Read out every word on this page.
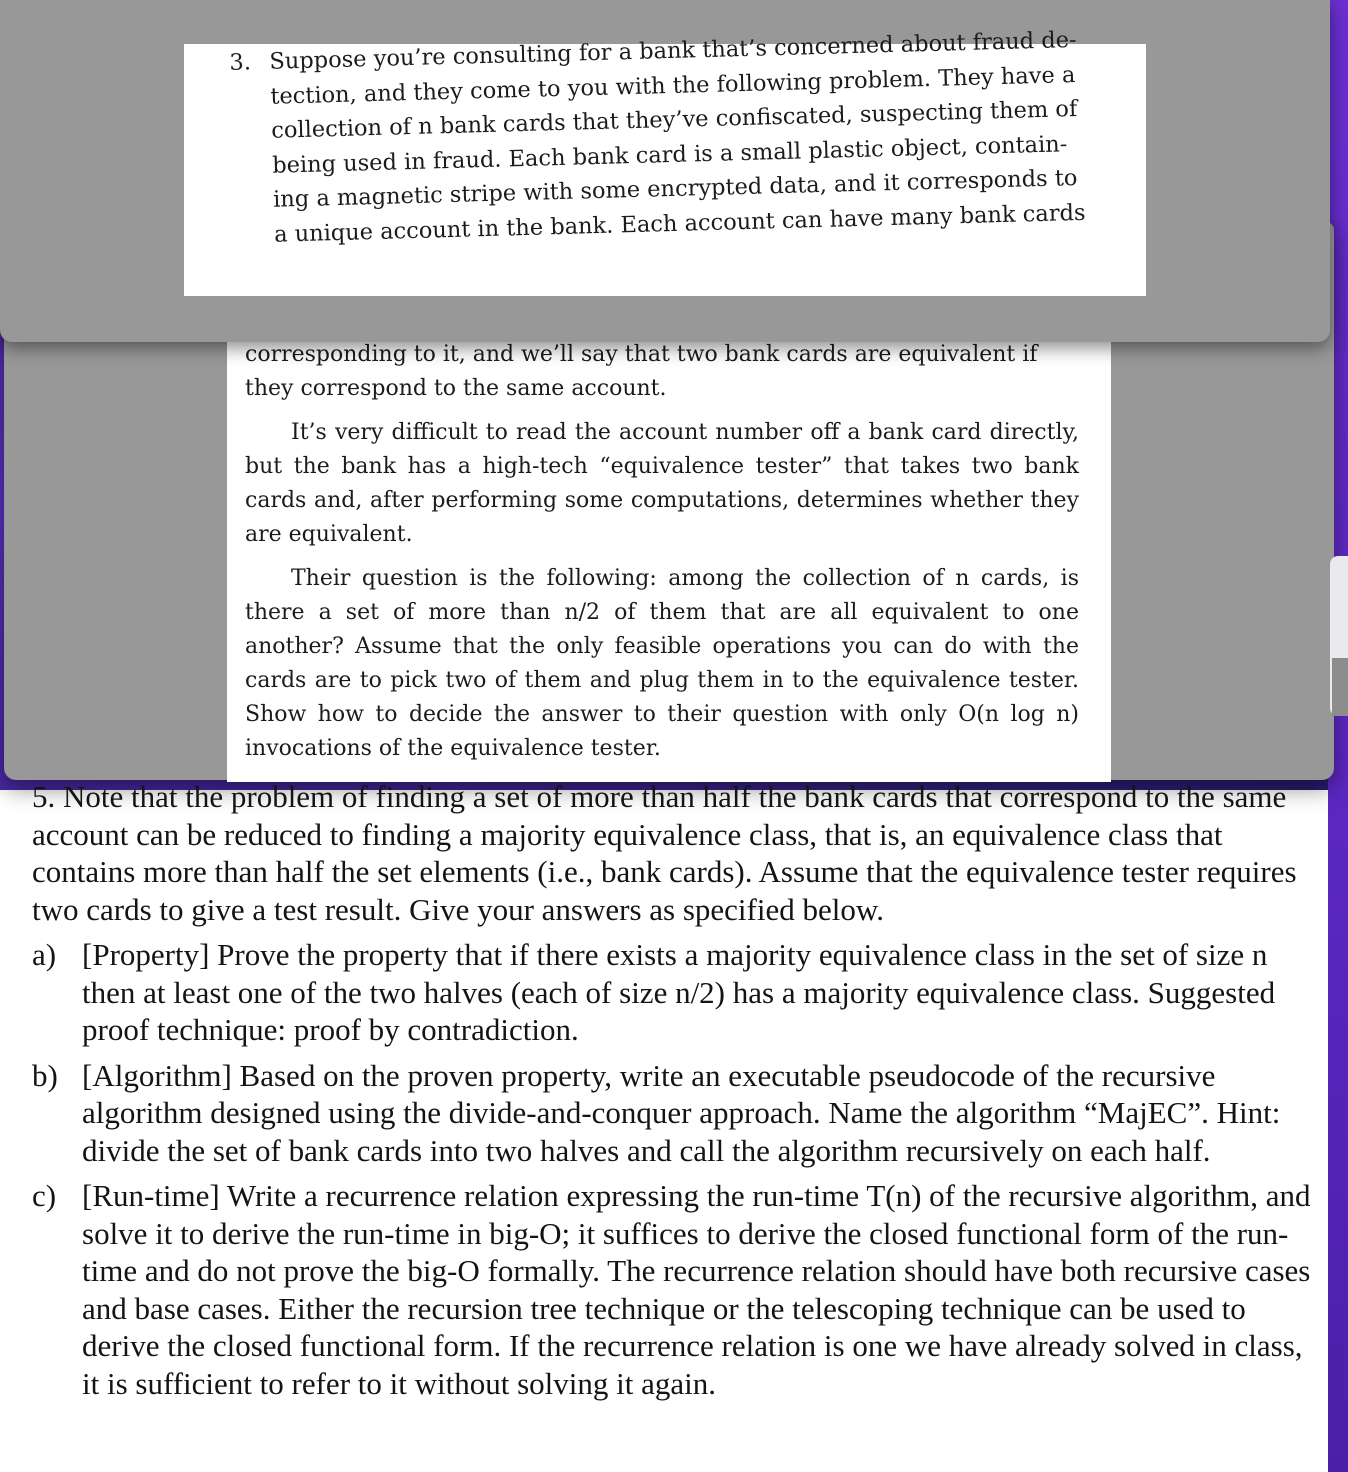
corresponding to it, and we’ll say that two bank cards are equivalent if

they correspond to the same account.

It’s very difficult to read the account number off a bank card directly, but the bank has a high-tech “equivalence tester” that takes two bank cards and, after performing some computations, determines whether they are equivalent.

Their question is the following: among the collection of n cards, is there a set of more than n/2 of them that are all equivalent to one another? Assume that the only feasible operations you can do with the cards are to pick two of them and plug them in to the equivalence tester. Show how to decide the answer to their question with only O(n log n) invocations of the equivalence tester.

3. Suppose you’re consulting for a bank that’s concerned about fraud de-

tection, and they come to you with the following problem. They have a

collection of n bank cards that they’ve confiscated, suspecting them of

being used in fraud. Each bank card is a small plastic object, contain-

ing a magnetic stripe with some encrypted data, and it corresponds to

a unique account in the bank. Each account can have many bank cards

5. Note that the problem of finding a set of more than half the bank cards that correspond to the same account can be reduced to finding a majority equivalence class, that is, an equivalence class that contains more than half the set elements (i.e., bank cards). Assume that the equivalence tester requires two cards to give a test result. Give your answers as specified below.

a) [Property] Prove the property that if there exists a majority equivalence class in the set of size n then at least one of the two halves (each of size n/2) has a majority equivalence class. Suggested proof technique: proof by contradiction.

b) [Algorithm] Based on the proven property, write an executable pseudocode of the recursive algorithm designed using the divide-and-conquer approach. Name the algorithm “MajEC”. Hint: divide the set of bank cards into two halves and call the algorithm recursively on each half.

c) [Run-time] Write a recurrence relation expressing the run-time T(n) of the recursive algorithm, and solve it to derive the run-time in big-O; it suffices to derive the closed functional form of the run-time and do not prove the big-O formally. The recurrence relation should have both recursive cases and base cases. Either the recursion tree technique or the telescoping technique can be used to derive the closed functional form. If the recurrence relation is one we have already solved in class, it is sufficient to refer to it without solving it again.
